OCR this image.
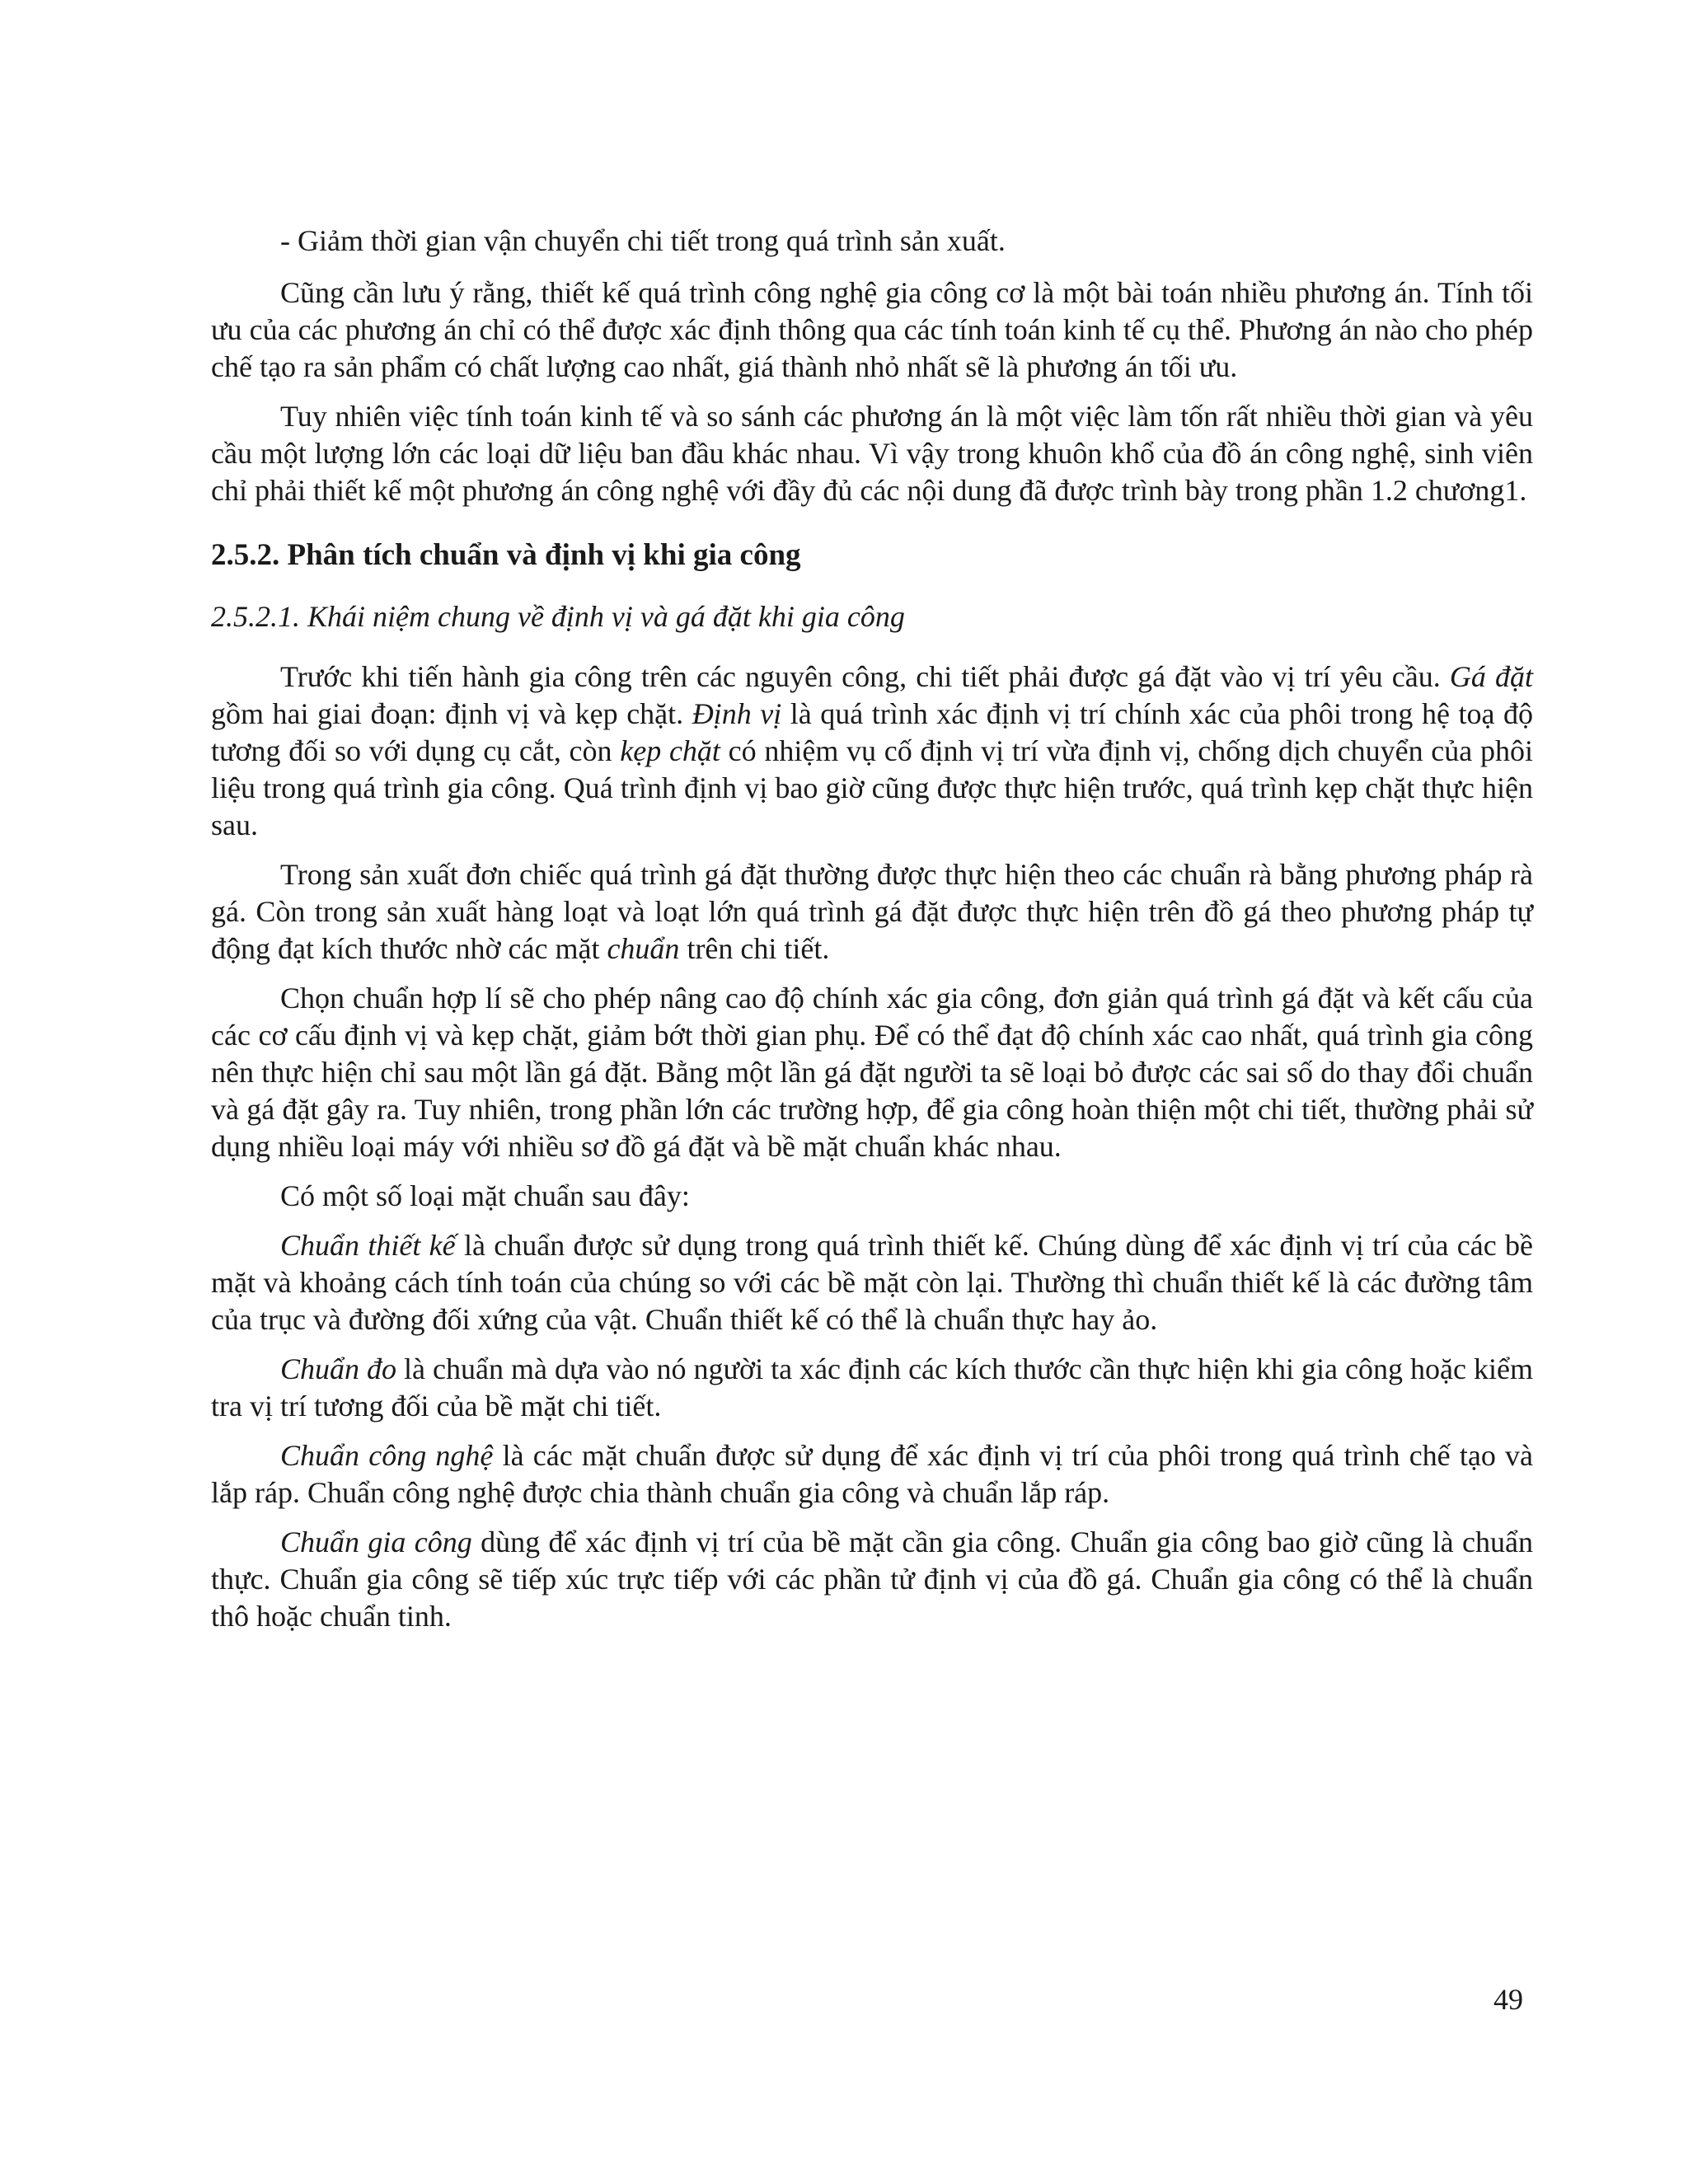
- Giảm thời gian vận chuyển chi tiết trong quá trình sản xuất.

Cũng cần lưu ý rằng, thiết kế quá trình công nghệ gia công cơ là một bài toán nhiều phương án. Tính tối ưu của các phương án chỉ có thể được xác định thông qua các tính toán kinh tế cụ thể. Phương án nào cho phép chế tạo ra sản phẩm có chất lượng cao nhất, giá thành nhỏ nhất sẽ là phương án tối ưu.

Tuy nhiên việc tính toán kinh tế và so sánh các phương án là một việc làm tốn rất nhiều thời gian và yêu cầu một lượng lớn các loại dữ liệu ban đầu khác nhau. Vì vậy trong khuôn khổ của đồ án công nghệ, sinh viên chỉ phải thiết kế một phương án công nghệ với đầy đủ các nội dung đã được trình bày trong phần 1.2 chương1.

2.5.2. Phân tích chuẩn và định vị khi gia công
2.5.2.1. Khái niệm chung về định vị và gá đặt khi gia công

Trước khi tiến hành gia công trên các nguyên công, chi tiết phải được gá đặt vào vị trí yêu cầu. Gá đặt gồm hai giai đoạn: định vị và kẹp chặt. Định vị là quá trình xác định vị trí chính xác của phôi trong hệ toạ độ tương đối so với dụng cụ cắt, còn kẹp chặt có nhiệm vụ cố định vị trí vừa định vị, chống dịch chuyển của phôi liệu trong quá trình gia công. Quá trình định vị bao giờ cũng được thực hiện trước, quá trình kẹp chặt thực hiện sau.

Trong sản xuất đơn chiếc quá trình gá đặt thường được thực hiện theo các chuẩn rà bằng phương pháp rà gá. Còn trong sản xuất hàng loạt và loạt lớn quá trình gá đặt được thực hiện trên đồ gá theo phương pháp tự động đạt kích thước nhờ các mặt chuẩn trên chi tiết.

Chọn chuẩn hợp lí sẽ cho phép nâng cao độ chính xác gia công, đơn giản quá trình gá đặt và kết cấu của các cơ cấu định vị và kẹp chặt, giảm bớt thời gian phụ. Để có thể đạt độ chính xác cao nhất, quá trình gia công nên thực hiện chỉ sau một lần gá đặt. Bằng một lần gá đặt người ta sẽ loại bỏ được các sai số do thay đổi chuẩn và gá đặt gây ra. Tuy nhiên, trong phần lớn các trường hợp, để gia công hoàn thiện một chi tiết, thường phải sử dụng nhiều loại máy với nhiều sơ đồ gá đặt và bề mặt chuẩn khác nhau.

Có một số loại mặt chuẩn sau đây:

Chuẩn thiết kế là chuẩn được sử dụng trong quá trình thiết kế. Chúng dùng để xác định vị trí của các bề mặt và khoảng cách tính toán của chúng so với các bề mặt còn lại. Thường thì chuẩn thiết kế là các đường tâm của trục và đường đối xứng của vật. Chuẩn thiết kế có thể là chuẩn thực hay ảo.

Chuẩn đo là chuẩn mà dựa vào nó người ta xác định các kích thước cần thực hiện khi gia công hoặc kiểm tra vị trí tương đối của bề mặt chi tiết.

Chuẩn công nghệ là các mặt chuẩn được sử dụng để xác định vị trí của phôi trong quá trình chế tạo và lắp ráp. Chuẩn công nghệ được chia thành chuẩn gia công và chuẩn lắp ráp.

Chuẩn gia công dùng để xác định vị trí của bề mặt cần gia công. Chuẩn gia công bao giờ cũng là chuẩn thực. Chuẩn gia công sẽ tiếp xúc trực tiếp với các phần tử định vị của đồ gá. Chuẩn gia công có thể là chuẩn thô hoặc chuẩn tinh.

49
